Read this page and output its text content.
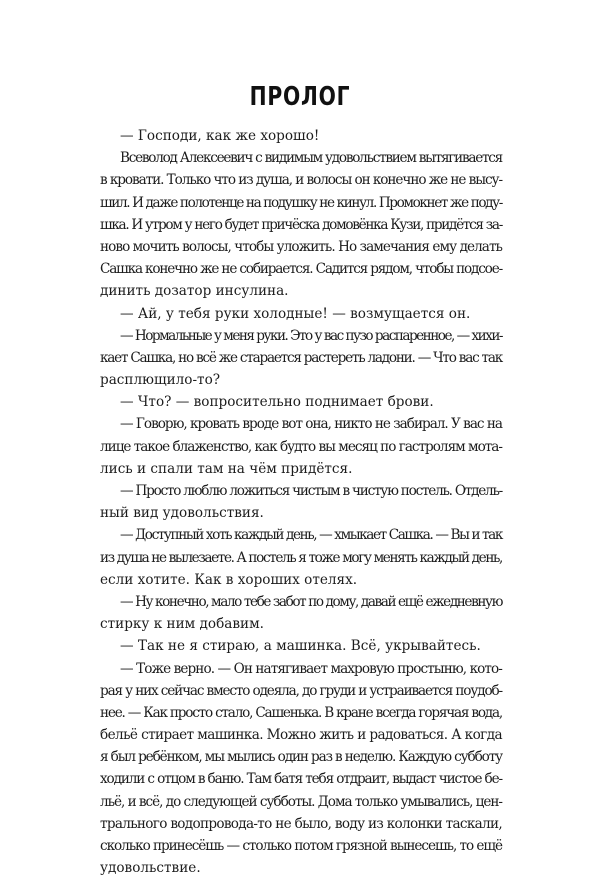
ПРОЛОГ
— Господи, как же хорошо!
Всеволод Алексеевич с видимым удовольствием вытягивается
в кровати. Только что из душа, и волосы он конечно же не высу-
шил. И даже полотенце на подушку не кинул. Промокнет же поду-
шка. И утром у него будет причёска домовёнка Кузи, придётся за-
ново мочить волосы, чтобы уложить. Но замечания ему делать
Сашка конечно же не собирается. Садится рядом, чтобы подсое-
динить дозатор инсулина.
— Ай, у тебя руки холодные! — возмущается он.
— Нормальные у меня руки. Это у вас пузо распаренное, — хихи-
кает Сашка, но всё же старается растереть ладони. — Что вас так
расплющило-то?
— Что? — вопросительно поднимает брови.
— Говорю, кровать вроде вот она, никто не забирал. У вас на
лице такое блаженство, как будто вы месяц по гастролям мота-
лись и спали там на чём придётся.
— Просто люблю ложиться чистым в чистую постель. Отдель-
ный вид удовольствия.
— Доступный хоть каждый день, — хмыкает Сашка. — Вы и так
из душа не вылезаете. А постель я тоже могу менять каждый день,
если хотите. Как в хороших отелях.
— Ну конечно, мало тебе забот по дому, давай ещё ежедневную
стирку к ним добавим.
— Так не я стираю, а машинка. Всё, укрывайтесь.
— Тоже верно. — Он натягивает махровую простыню, кото-
рая у них сейчас вместо одеяла, до груди и устраивается поудоб-
нее. — Как просто стало, Сашенька. В кране всегда горячая вода,
бельё стирает машинка. Можно жить и радоваться. А когда
я был ребёнком, мы мылись один раз в неделю. Каждую субботу
ходили с отцом в баню. Там батя тебя отдраит, выдаст чистое бе-
льё, и всё, до следующей субботы. Дома только умывались, цен-
трального водопровода-то не было, воду из колонки таскали,
сколько принесёшь — столько потом грязной вынесешь, то ещё
удовольствие.
